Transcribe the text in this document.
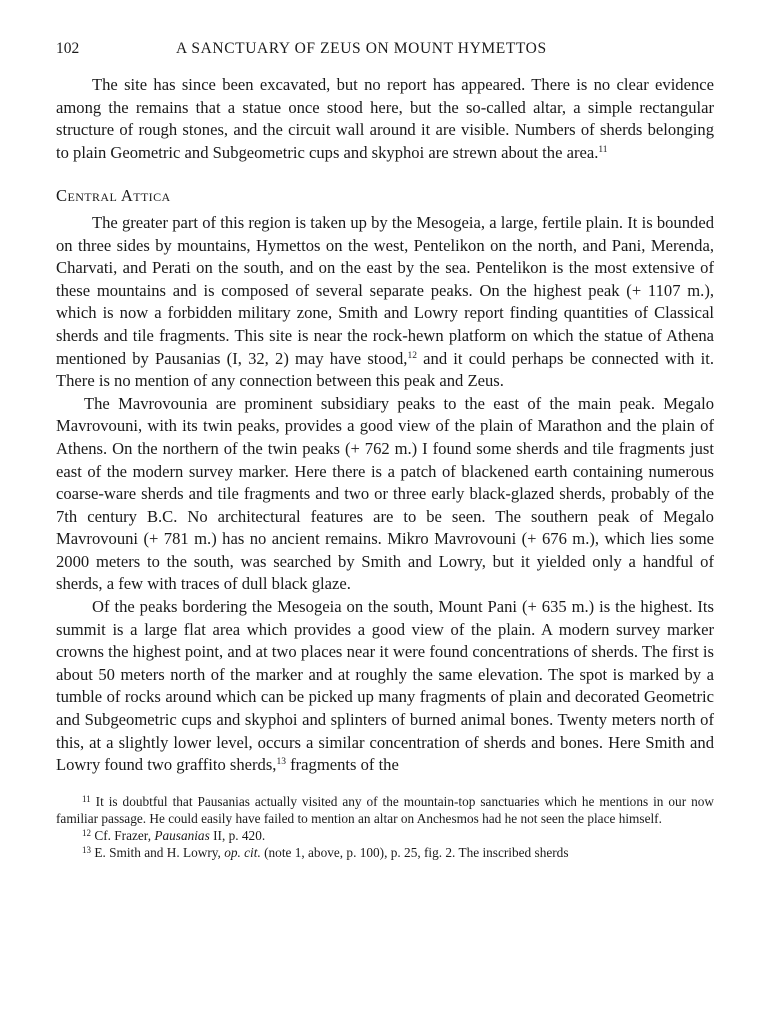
102	A SANCTUARY OF ZEUS ON MOUNT HYMETTOS

The site has since been excavated, but no report has appeared. There is no clear evidence among the remains that a statue once stood here, but the so-called altar, a simple rectangular structure of rough stones, and the circuit wall around it are visible. Numbers of sherds belonging to plain Geometric and Subgeometric cups and skyphoi are strewn about the area.$^{11}$

Central Attica

The greater part of this region is taken up by the Mesogeia, a large, fertile plain. It is bounded on three sides by mountains, Hymettos on the west, Pentelikon on the north, and Pani, Merenda, Charvati, and Perati on the south, and on the east by the sea. Pentelikon is the most extensive of these mountains and is composed of several separate peaks. On the highest peak (+ 1107 m.), which is now a forbidden military zone, Smith and Lowry report finding quantities of Classical sherds and tile fragments. This site is near the rock-hewn platform on which the statue of Athena mentioned by Pausanias (I, 32, 2) may have stood,$^{12}$ and it could perhaps be connected with it. There is no mention of any connection between this peak and Zeus.

The Mavrovounia are prominent subsidiary peaks to the east of the main peak. Megalo Mavrovouni, with its twin peaks, provides a good view of the plain of Marathon and the plain of Athens. On the northern of the twin peaks (+ 762 m.) I found some sherds and tile fragments just east of the modern survey marker. Here there is a patch of blackened earth containing numerous coarse-ware sherds and tile fragments and two or three early black-glazed sherds, probably of the 7th century B.C. No architectural features are to be seen. The southern peak of Megalo Mavrovouni (+ 781 m.) has no ancient remains. Mikro Mavrovouni (+ 676 m.), which lies some 2000 meters to the south, was searched by Smith and Lowry, but it yielded only a handful of sherds, a few with traces of dull black glaze.

Of the peaks bordering the Mesogeia on the south, Mount Pani (+ 635 m.) is the highest. Its summit is a large flat area which provides a good view of the plain. A modern survey marker crowns the highest point, and at two places near it were found concentrations of sherds. The first is about 50 meters north of the marker and at roughly the same elevation. The spot is marked by a tumble of rocks around which can be picked up many fragments of plain and decorated Geometric and Subgeometric cups and skyphoi and splinters of burned animal bones. Twenty meters north of this, at a slightly lower level, occurs a similar concentration of sherds and bones. Here Smith and Lowry found two graffito sherds,$^{13}$ fragments of the

$^{11}$ It is doubtful that Pausanias actually visited any of the mountain-top sanctuaries which he mentions in our now familiar passage. He could easily have failed to mention an altar on Anchesmos had he not seen the place himself.

$^{12}$ Cf. Frazer, Pausanias II, p. 420.

$^{13}$ E. Smith and H. Lowry, op. cit. (note 1, above, p. 100), p. 25, fig. 2. The inscribed sherds
